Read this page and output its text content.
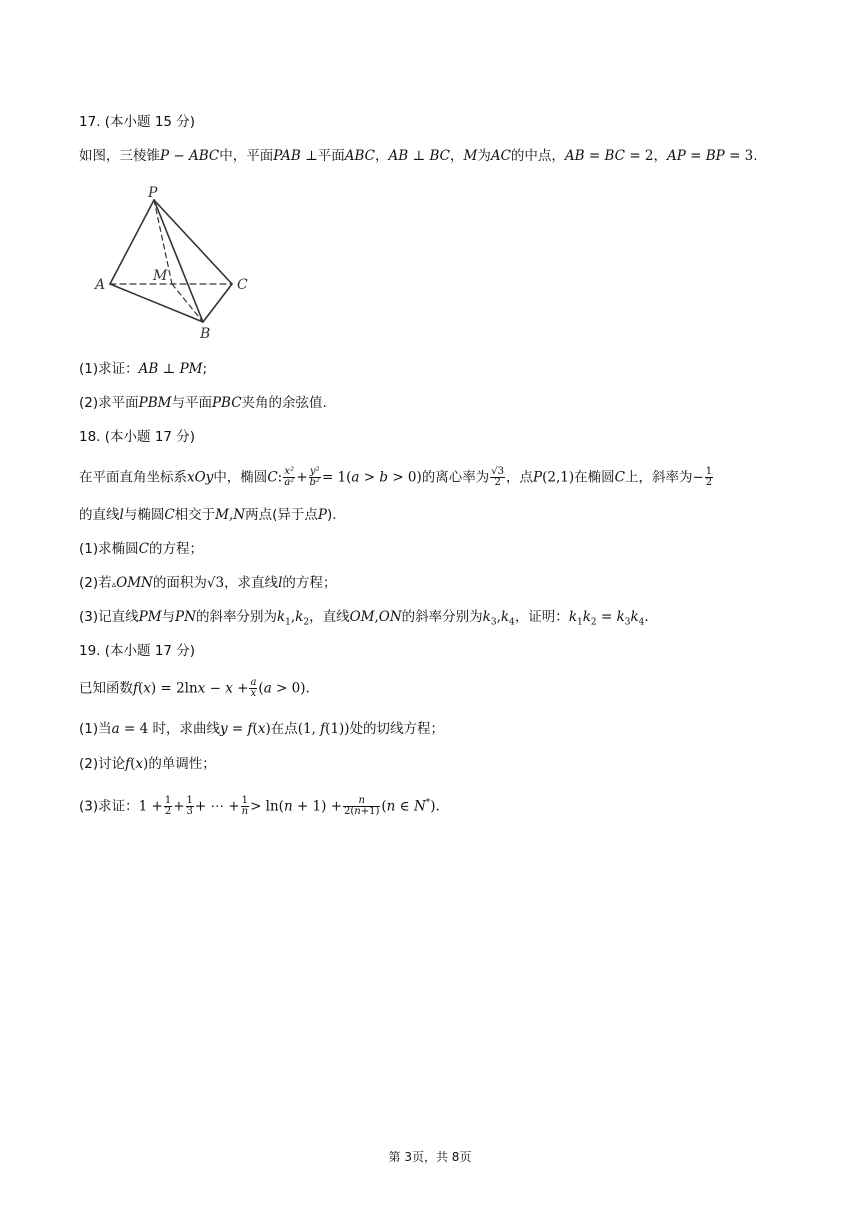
17. (本小题 15 分)
如图，三棱锥P − ABC中，平面PAB ⊥平面ABC，AB ⊥ BC，M为AC的中点，AB = BC = 2，AP = BP = 3.
P
A
M
C
B
(1)求证：AB ⊥ PM;
(2)求平面PBM与平面PBC夹角的余弦值.
18. (本小题 17 分)
在平面直角坐标系xOy中，椭圆C: $\frac{\text{x²}}{\text{a²}} + \frac{\text{y²}}{\text{b²}} = 1(a > b > 0)$的离心率为 $\frac{√3}{2}$ ，点P(2,1)在椭圆C上，斜率为− $\frac{1}{2}$
的直线l与椭圆C相交于M,N两点(异于点P).
(1)求椭圆C的方程；
(2)若▵OMN的面积为√3，求直线l的方程；
(3)记直线PM与PN的斜率分别为$k_1,k_2$，直线OM,ON的斜率分别为$k_3,k_4$，证明：$k_1k_2 = k_3k_4$.
19. (本小题 17 分)
已知函数$f(x) = 2\ln x - x + \frac{a}{x} (a > 0)$.
(1)当a = 4 时，求曲线y = f(x)在点(1, f(1))处的切线方程；
(2)讨论f(x)的单调性；
(3)求证：$1 + \frac{1}{2} + \frac{1}{3}$ + ⋯ + $\frac{1}{n} > \ln(n + 1) + \frac{n}{2(n+1)} (n$ ∈ N*).
第 3页，共 8页
